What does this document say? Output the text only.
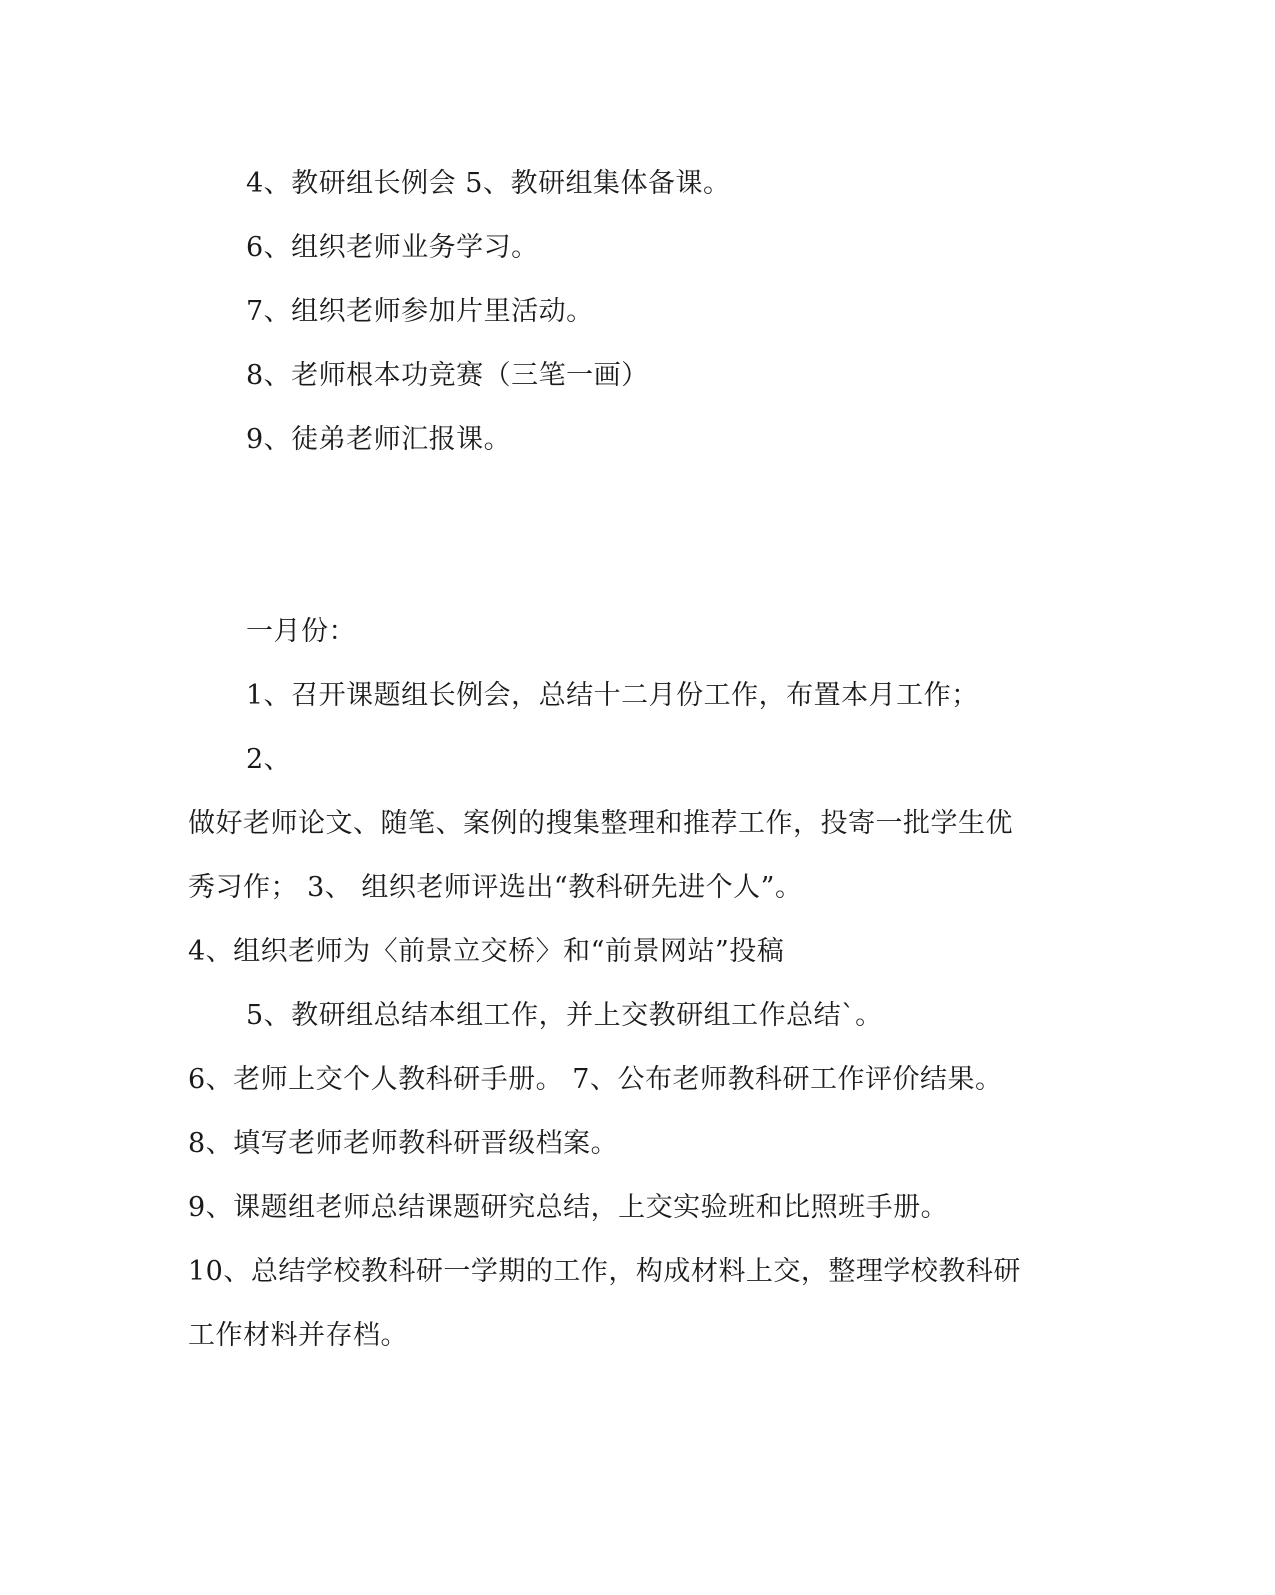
4、教研组长例会 5、教研组集体备课。
6、组织老师业务学习。
7、组织老师参加片里活动。
8、老师根本功竞赛（三笔一画）
9、徒弟老师汇报课。
一月份：
1、召开课题组长例会，总结十二月份工作，布置本月工作；
2、
做好老师论文、随笔、案例的搜集整理和推荐工作，投寄一批学生优
秀习作； 3、 组织老师评选出“教科研先进个人”。
4、组织老师为〈前景立交桥〉和“前景网站”投稿
5、教研组总结本组工作，并上交教研组工作总结`。
6、老师上交个人教科研手册。 7、公布老师教科研工作评价结果。
8、填写老师老师教科研晋级档案。
9、课题组老师总结课题研究总结，上交实验班和比照班手册。
10、总结学校教科研一学期的工作，构成材料上交，整理学校教科研
工作材料并存档。
